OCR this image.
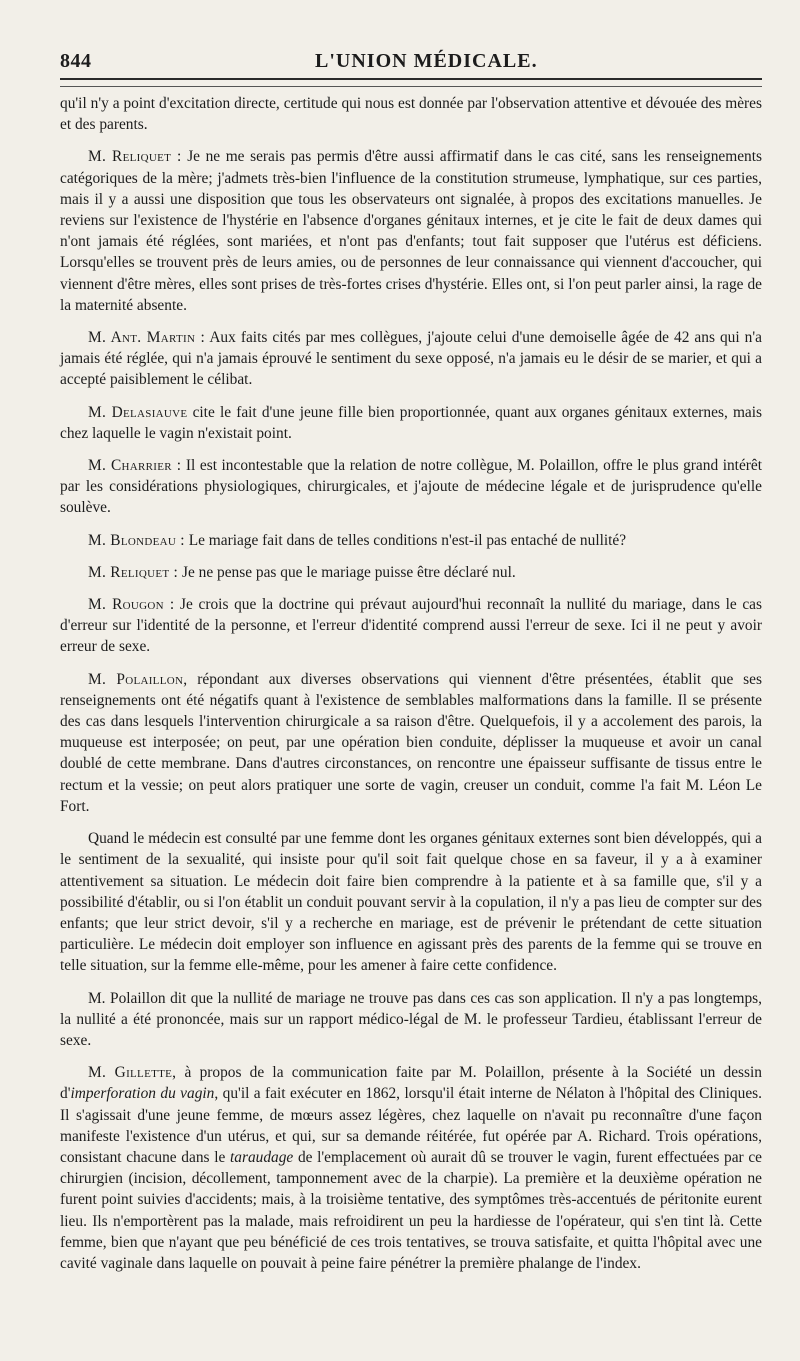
844	L'UNION MÉDICALE.

qu'il n'y a point d'excitation directe, certitude qui nous est donnée par l'observation attentive et dévouée des mères et des parents.

M. Reliquet : Je ne me serais pas permis d'être aussi affirmatif dans le cas cité, sans les renseignements catégoriques de la mère; j'admets très-bien l'influence de la constitution strumeuse, lymphatique, sur ces parties, mais il y a aussi une disposition que tous les observateurs ont signalée, à propos des excitations manuelles. Je reviens sur l'existence de l'hystérie en l'absence d'organes génitaux internes, et je cite le fait de deux dames qui n'ont jamais été réglées, sont mariées, et n'ont pas d'enfants; tout fait supposer que l'utérus est déficiens. Lorsqu'elles se trouvent près de leurs amies, ou de personnes de leur connaissance qui viennent d'accoucher, qui viennent d'être mères, elles sont prises de très-fortes crises d'hystérie. Elles ont, si l'on peut parler ainsi, la rage de la maternité absente.

M. Ant. Martin : Aux faits cités par mes collègues, j'ajoute celui d'une demoiselle âgée de 42 ans qui n'a jamais été réglée, qui n'a jamais éprouvé le sentiment du sexe opposé, n'a jamais eu le désir de se marier, et qui a accepté paisiblement le célibat.

M. Delasiauve cite le fait d'une jeune fille bien proportionnée, quant aux organes génitaux externes, mais chez laquelle le vagin n'existait point.

M. Charrier : Il est incontestable que la relation de notre collègue, M. Polaillon, offre le plus grand intérêt par les considérations physiologiques, chirurgicales, et j'ajoute de médecine légale et de jurisprudence qu'elle soulève.

M. Blondeau : Le mariage fait dans de telles conditions n'est-il pas entaché de nullité?

M. Reliquet : Je ne pense pas que le mariage puisse être déclaré nul.

M. Rougon : Je crois que la doctrine qui prévaut aujourd'hui reconnaît la nullité du mariage, dans le cas d'erreur sur l'identité de la personne, et l'erreur d'identité comprend aussi l'erreur de sexe. Ici il ne peut y avoir erreur de sexe.

M. Polaillon, répondant aux diverses observations qui viennent d'être présentées, établit que ses renseignements ont été négatifs quant à l'existence de semblables malformations dans la famille. Il se présente des cas dans lesquels l'intervention chirurgicale a sa raison d'être. Quelquefois, il y a accolement des parois, la muqueuse est interposée; on peut, par une opération bien conduite, déplisser la muqueuse et avoir un canal doublé de cette membrane. Dans d'autres circonstances, on rencontre une épaisseur suffisante de tissus entre le rectum et la vessie; on peut alors pratiquer une sorte de vagin, creuser un conduit, comme l'a fait M. Léon Le Fort.

Quand le médecin est consulté par une femme dont les organes génitaux externes sont bien développés, qui a le sentiment de la sexualité, qui insiste pour qu'il soit fait quelque chose en sa faveur, il y a à examiner attentivement sa situation. Le médecin doit faire bien comprendre à la patiente et à sa famille que, s'il y a possibilité d'établir, ou si l'on établit un conduit pouvant servir à la copulation, il n'y a pas lieu de compter sur des enfants; que leur strict devoir, s'il y a recherche en mariage, est de prévenir le prétendant de cette situation particulière. Le médecin doit employer son influence en agissant près des parents de la femme qui se trouve en telle situation, sur la femme elle-même, pour les amener à faire cette confidence.

M. Polaillon dit que la nullité de mariage ne trouve pas dans ces cas son application. Il n'y a pas longtemps, la nullité a été prononcée, mais sur un rapport médico-légal de M. le professeur Tardieu, établissant l'erreur de sexe.

M. Gillette, à propos de la communication faite par M. Polaillon, présente à la Société un dessin d'imperforation du vagin, qu'il a fait exécuter en 1862, lorsqu'il était interne de Nélaton à l'hôpital des Cliniques. Il s'agissait d'une jeune femme, de mœurs assez légères, chez laquelle on n'avait pu reconnaître d'une façon manifeste l'existence d'un utérus, et qui, sur sa demande réitérée, fut opérée par A. Richard. Trois opérations, consistant chacune dans le taraudage de l'emplacement où aurait dû se trouver le vagin, furent effectuées par ce chirurgien (incision, décollement, tamponnement avec de la charpie). La première et la deuxième opération ne furent point suivies d'accidents; mais, à la troisième tentative, des symptômes très-accentués de péritonite eurent lieu. Ils n'emportèrent pas la malade, mais refroidirent un peu la hardiesse de l'opérateur, qui s'en tint là. Cette femme, bien que n'ayant que peu bénéficié de ces trois tentatives, se trouva satisfaite, et quitta l'hôpital avec une cavité vaginale dans laquelle on pouvait à peine faire pénétrer la première phalange de l'index.
